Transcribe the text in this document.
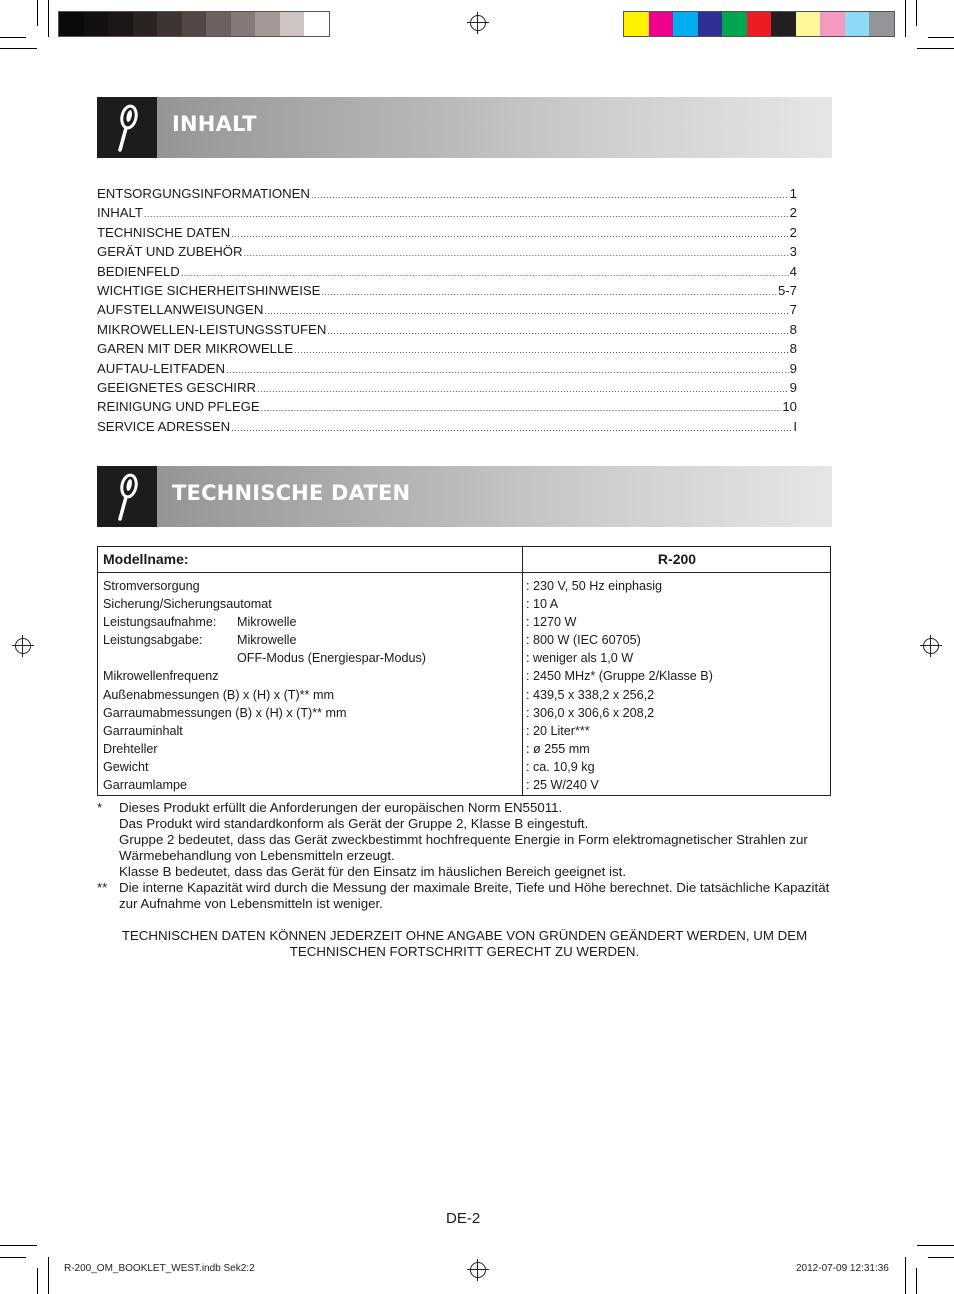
INHALT
ENTSORGUNGSINFORMATIONEN .....	1
INHALT .....	2
TECHNISCHE DATEN .....	2
GERÄT UND ZUBEHÖR .....	3
BEDIENFELD .....	4
WICHTIGE SICHERHEITSHINWEISE .....	5-7
AUFSTELLANWEISUNGEN .....	7
MIKROWELLEN-LEISTUNGSSTUFEN .....	8
GAREN MIT DER MIKROWELLE .....	8
AUFTAU-LEITFADEN .....	9
GEEIGNETES GESCHIRR .....	9
REINIGUNG UND PFLEGE .....	10
SERVICE ADRESSEN .....	I
TECHNISCHE DATEN
Modellname:	R-200
Stromversorgung	: 230 V, 50 Hz einphasig
Sicherung/Sicherungsautomat	: 10 A
Leistungsaufnahme: Mikrowelle	: 1270 W
Leistungsabgabe:	Mikrowelle	: 800 W (IEC 60705)
OFF-Modus (Energiespar-Modus)	: weniger als 1,0 W
Mikrowellenfrequenz	: 2450 MHz* (Gruppe 2/Klasse B)
Außenabmessungen (B) x (H) x (T)** mm	: 439,5 x 338,2 x 256,2
Garraumabmessungen (B) x (H) x (T)** mm	: 306,0 x 306,6 x 208,2
Garrauminhalt	: 20 Liter***
Drehteller	: ø 255 mm
Gewicht	: ca. 10,9 kg
Garraumlampe	: 25 W/240 V
* Dieses Produkt erfüllt die Anforderungen der europäischen Norm EN55011.
Das Produkt wird standardkonform als Gerät der Gruppe 2, Klasse B eingestuft.
Gruppe 2 bedeutet, dass das Gerät zweckbestimmt hochfrequente Energie in Form elektromagnetischer Strahlen zur Wärmebehandlung von Lebensmitteln erzeugt.
Klasse B bedeutet, dass das Gerät für den Einsatz im häuslichen Bereich geeignet ist.
** Die interne Kapazität wird durch die Messung der maximale Breite, Tiefe und Höhe berechnet. Die tatsächliche Kapazität zur Aufnahme von Lebensmitteln ist weniger.
TECHNISCHEN DATEN KÖNNEN JEDERZEIT OHNE ANGABE VON GRÜNDEN GEÄNDERT WERDEN, UM DEM
TECHNISCHEN FORTSCHRITT GERECHT ZU WERDEN.
DE-2
R-200_OM_BOOKLET_WEST.indb Sek2:2	2012-07-09 12:31:36
